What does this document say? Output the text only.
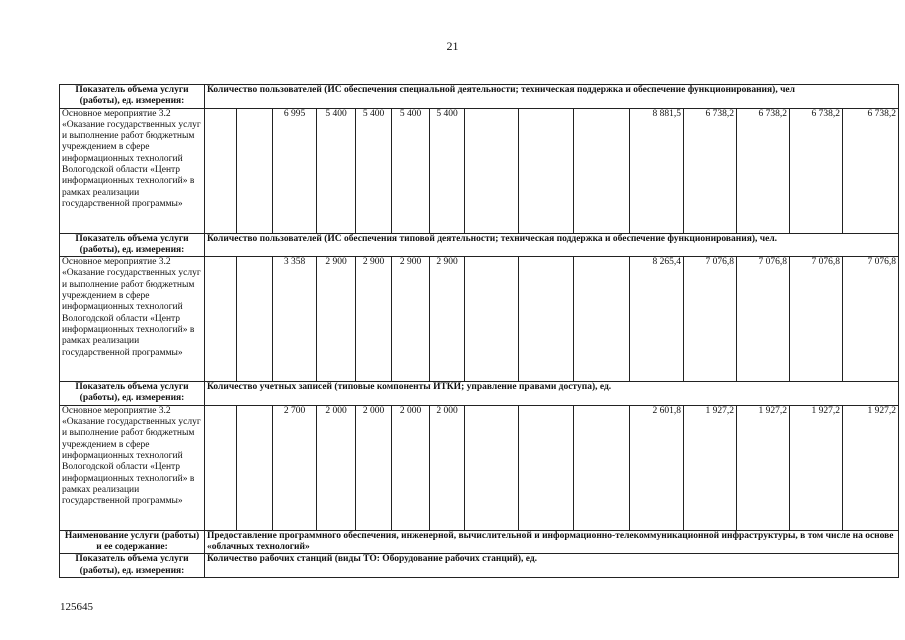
21
Показатель объема услуги (работы), ед. измерения:	Количество пользователей (ИС обеспечения специальной деятельности; техническая поддержка и обеспечение функционирования), чел														
Основное мероприятие 3.2 «Оказание государственных услуг и выполнение работ бюджетным учреждением в сфере информационных технологий Вологодской области «Центр информационных технологий» в рамках реализации государственной программы»			6 995	5 400	5 400	5 400	5 400				8 881,5	6 738,2	6 738,2	6 738,2	6 738,2
Показатель объема услуги (работы), ед. измерения:	Количество пользователей (ИС обеспечения типовой деятельности; техническая поддержка и обеспечение функционирования), чел.														
Основное мероприятие 3.2 «Оказание государственных услуг и выполнение работ бюджетным учреждением в сфере информационных технологий Вологодской области «Центр информационных технологий» в рамках реализации государственной программы»			3 358	2 900	2 900	2 900	2 900				8 265,4	7 076,8	7 076,8	7 076,8	7 076,8
Показатель объема услуги (работы), ед. измерения:	Количество учетных записей (типовые компоненты ИТКИ; управление правами доступа), ед.														
Основное мероприятие 3.2 «Оказание государственных услуг и выполнение работ бюджетным учреждением в сфере информационных технологий Вологодской области «Центр информационных технологий» в рамках реализации государственной программы»			2 700	2 000	2 000	2 000	2 000				2 601,8	1 927,2	1 927,2	1 927,2	1 927,2
Наименование услуги (работы) и ее содержание:	Предоставление программного обеспечения, инженерной, вычислительной и информационно-телекоммуникационной инфраструктуры, в том числе на основе «облачных технологий»														
Показатель объема услуги (работы), ед. измерения:	Количество рабочих станций (виды ТО: Оборудование рабочих станций), ед.														
125645
